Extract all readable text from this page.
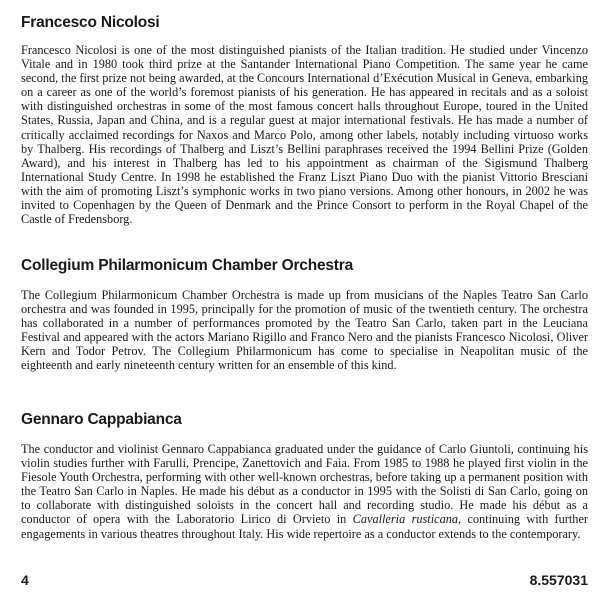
Francesco Nicolosi

Francesco Nicolosi is one of the most distinguished pianists of the Italian tradition. He studied under Vincenzo Vitale and in 1980 took third prize at the Santander International Piano Competition. The same year he came second, the first prize not being awarded, at the Concours International d’Exécution Musical in Geneva, embarking on a career as one of the world’s foremost pianists of his generation. He has appeared in recitals and as a soloist with distinguished orchestras in some of the most famous concert halls throughout Europe, toured in the United States, Russia, Japan and China, and is a regular guest at major international festivals. He has made a number of critically acclaimed recordings for Naxos and Marco Polo, among other labels, notably including virtuoso works by Thalberg. His recordings of Thalberg and Liszt’s Bellini paraphrases received the 1994 Bellini Prize (Golden Award), and his interest in Thalberg has led to his appointment as chairman of the Sigismund Thalberg International Study Centre. In 1998 he established the Franz Liszt Piano Duo with the pianist Vittorio Bresciani with the aim of promoting Liszt’s symphonic works in two piano versions. Among other honours, in 2002 he was invited to Copenhagen by the Queen of Denmark and the Prince Consort to perform in the Royal Chapel of the Castle of Fredensborg.

Collegium Philarmonicum Chamber Orchestra

The Collegium Philarmonicum Chamber Orchestra is made up from musicians of the Naples Teatro San Carlo orchestra and was founded in 1995, principally for the promotion of music of the twentieth century. The orchestra has collaborated in a number of performances promoted by the Teatro San Carlo, taken part in the Leuciana Festival and appeared with the actors Mariano Rigillo and Franco Nero and the pianists Francesco Nicolosi, Oliver Kern and Todor Petrov. The Collegium Philarmonicum has come to specialise in Neapolitan music of the eighteenth and early nineteenth century written for an ensemble of this kind.

Gennaro Cappabianca

The conductor and violinist Gennaro Cappabianca graduated under the guidance of Carlo Giuntoli, continuing his violin studies further with Farulli, Prencipe, Zanettovich and Faia. From 1985 to 1988 he played first violin in the Fiesole Youth Orchestra, performing with other well-known orchestras, before taking up a permanent position with the Teatro San Carlo in Naples. He made his début as a conductor in 1995 with the Solisti di San Carlo, going on to collaborate with distinguished soloists in the concert hall and recording studio. He made his début as a conductor of opera with the Laboratorio Lirico di Orvieto in Cavalleria rusticana, continuing with further engagements in various theatres throughout Italy. His wide repertoire as a conductor extends to the contemporary.

4	8.557031
